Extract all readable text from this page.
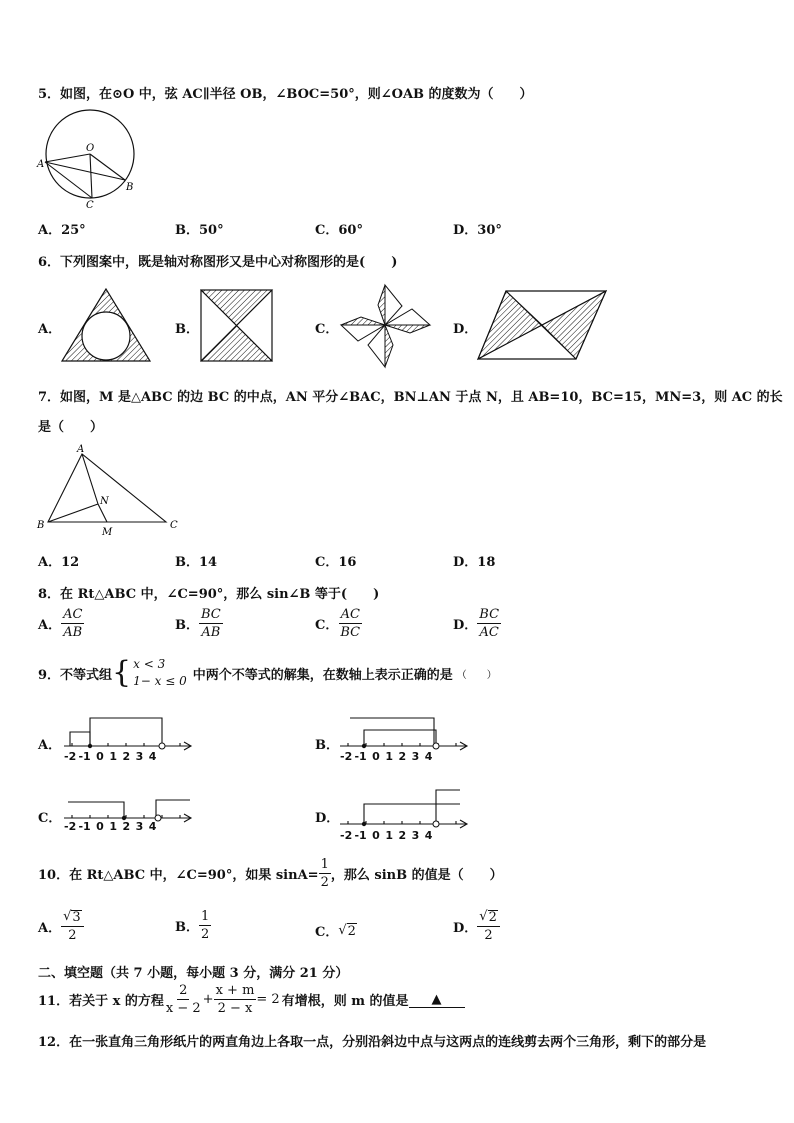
5．如图，在⊙O 中，弦 AC∥半径 OB，∠BOC=50°，则∠OAB 的度数为（　　）
O
A
B
C
A．25°	B．50°	C．60°	D．30°
6．下列图案中，既是轴对称图形又是中心对称图形的是(　　)
A．	B．	C．	D．
7．如图，M 是△ABC 的边 BC 的中点，AN 平分∠BAC，BN⊥AN 于点 N，且 AB=10，BC=15，MN=3，则 AC 的长
是（　　）
A
B	C
N
M
A．12	B．14	C．16	D．18
8．在 Rt△ABC 中，∠C=90°，那么 sin∠B 等于(　　)
A． $\frac{AC}{AB}$	B． $\frac{BC}{AB}$	C． $\frac{AC}{BC}$	D． $\frac{BC}{AC}$
9．不等式组 { x < 3
1− x ≤ 0 中两个不等式的解集，在数轴上表示正确的是 （　　）
A．
-2  -1  0  1  2  3  4
B．
-2  -1  0  1  2  3  4
C．
-2  -1  0  1  2  3  4
D．
-2  -1  0  1  2  3  4
10．在 Rt△ABC 中，∠C=90°，如果 $\sin A= \frac{1}{2}$ ，那么 sinB 的值是（　　）
A． $\frac{√ 3}{2}$	B． $\frac{1}{2}$	C． √ 2	D． $\frac{√ 2}{2}$
二、填空题（共 7 小题，每小题 3 分，满分 21 分）
11．若关于 x 的方程 $\frac{2}{x - 2} + \frac{x + m}{2 - x} = 2$ 有增根，则 m 的值是	▲
12．在一张直角三角形纸片的两直角边上各取一点，分别沿斜边中点与这两点的连线剪去两个三角形，剩下的部分是
